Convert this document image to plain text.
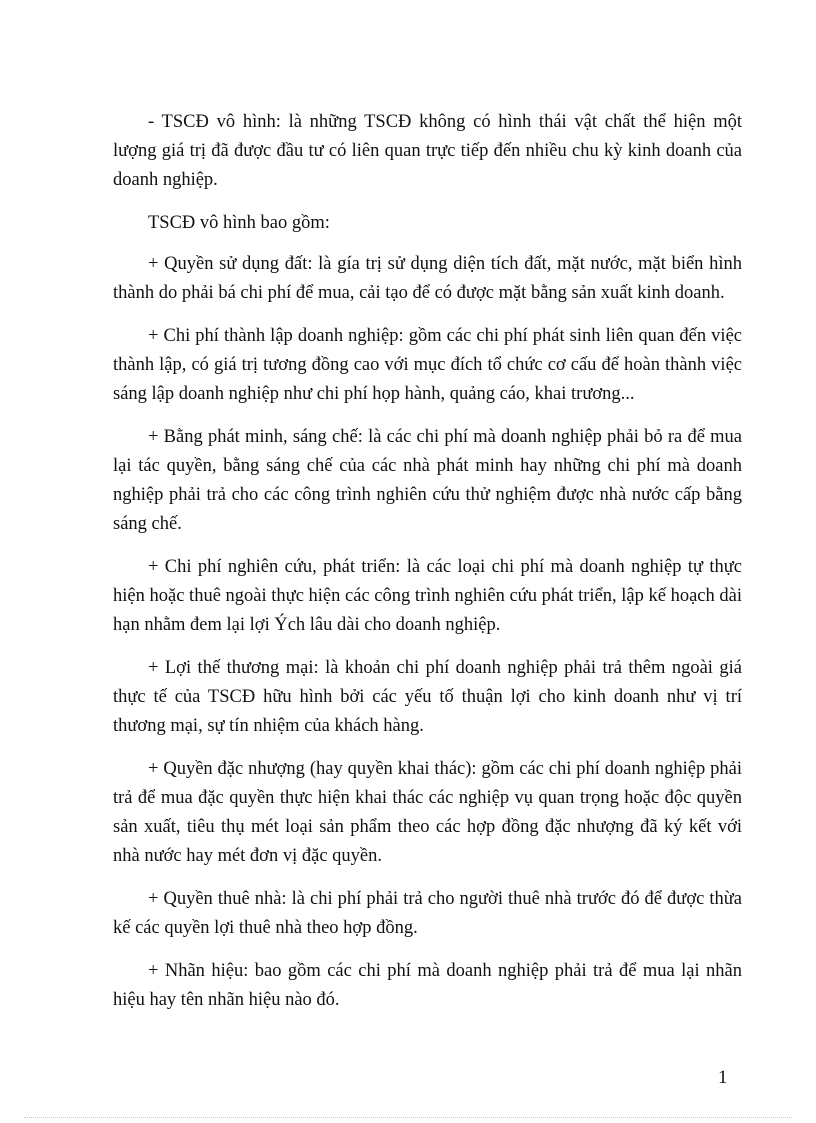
- TSCĐ vô hình: là những TSCĐ không có hình thái vật chất thể hiện một lượng giá trị đã được đầu tư có liên quan trực tiếp đến nhiều chu kỳ kinh doanh của doanh nghiệp.

TSCĐ vô hình bao gồm:

+ Quyền sử dụng đất: là gía trị sử dụng diện tích đất, mặt nước, mặt biển hình thành do phải bá chi phí để mua, cải tạo để có được mặt bằng sản xuất kinh doanh.

+ Chi phí thành lập doanh nghiệp: gồm các chi phí phát sinh liên quan đến việc thành lập, có giá trị tương đồng cao với mục đích tổ chức cơ cấu để hoàn thành việc sáng lập doanh nghiệp như chi phí họp hành, quảng cáo, khai trương...

+ Bằng phát minh, sáng chế: là các chi phí mà doanh nghiệp phải bỏ ra để mua lại tác quyền, bằng sáng chế của các nhà phát minh hay những chi phí mà doanh nghiệp phải trả cho các công trình nghiên cứu thử nghiệm được nhà nước cấp bằng sáng chế.

+ Chi phí nghiên cứu, phát triển: là các loại chi phí mà doanh nghiệp tự thực hiện hoặc thuê ngoài thực hiện các công trình nghiên cứu phát triển, lập kế hoạch dài hạn nhằm đem lại lợi Ých lâu dài cho doanh nghiệp.

+ Lợi thế thương mại: là khoản chi phí doanh nghiệp phải trả thêm ngoài giá thực tế của TSCĐ hữu hình bởi các yếu tố thuận lợi cho kinh doanh như vị trí thương mại, sự tín nhiệm của khách hàng.

+ Quyền đặc nhượng (hay quyền khai thác): gồm các chi phí doanh nghiệp phải trả để mua đặc quyền thực hiện khai thác các nghiệp vụ quan trọng hoặc độc quyền sản xuất, tiêu thụ mét loại sản phẩm theo các hợp đồng đặc nhượng đã ký kết với nhà nước hay mét đơn vị đặc quyền.

+ Quyền thuê nhà: là chi phí phải trả cho người thuê nhà trước đó để được thừa kế các quyền lợi thuê nhà theo hợp đồng.

+ Nhãn hiệu: bao gồm các chi phí mà doanh nghiệp phải trả để mua lại nhãn hiệu hay tên nhãn hiệu nào đó.

1
